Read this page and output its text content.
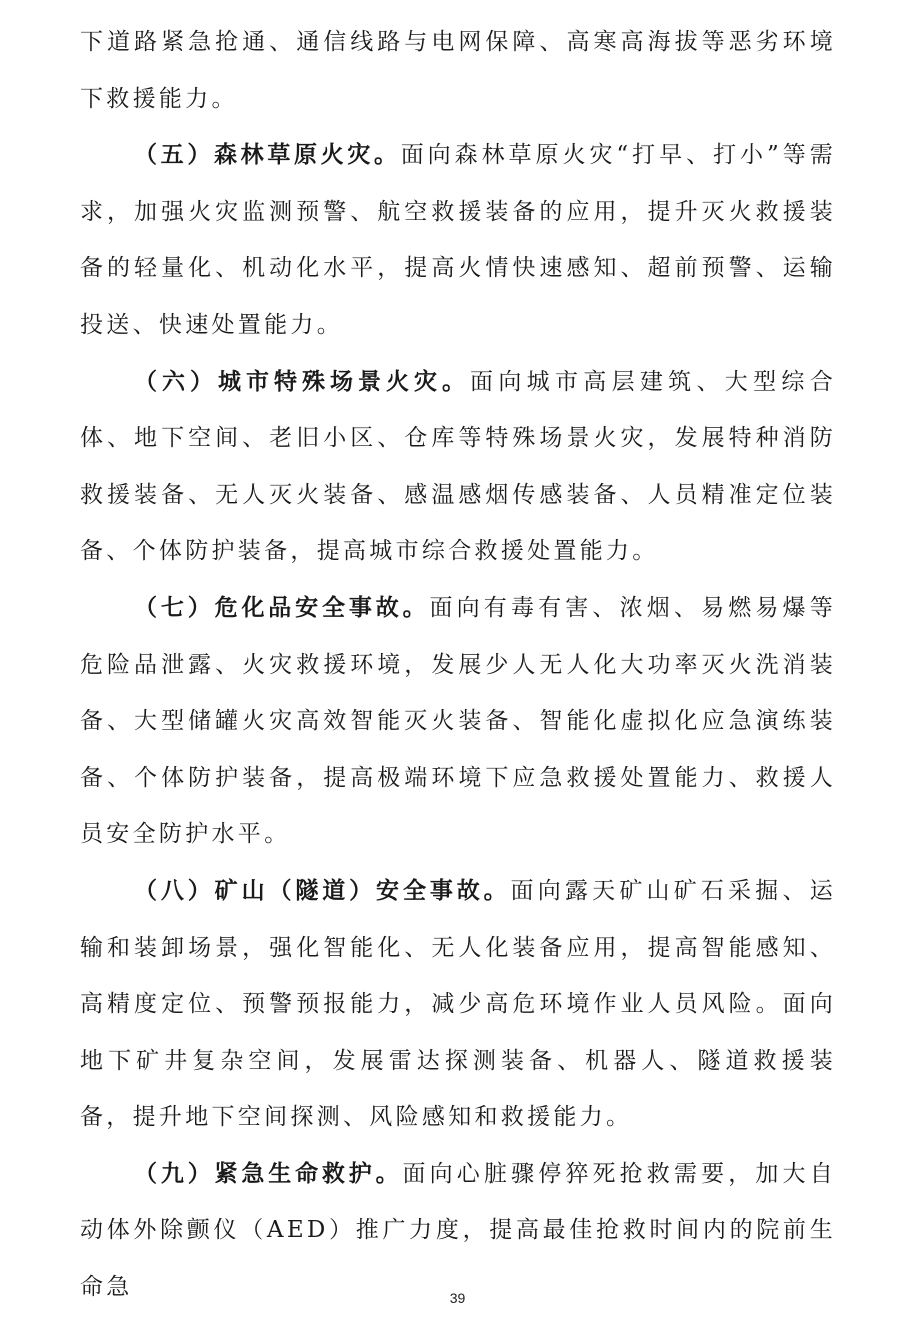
下道路紧急抢通、通信线路与电网保障、高寒高海拔等恶劣环境下救援能力。

（五）森林草原火灾。面向森林草原火灾“打早、打小”等需求，加强火灾监测预警、航空救援装备的应用，提升灭火救援装备的轻量化、机动化水平，提高火情快速感知、超前预警、运输投送、快速处置能力。

（六）城市特殊场景火灾。面向城市高层建筑、大型综合体、地下空间、老旧小区、仓库等特殊场景火灾，发展特种消防救援装备、无人灭火装备、感温感烟传感装备、人员精准定位装备、个体防护装备，提高城市综合救援处置能力。

（七）危化品安全事故。面向有毒有害、浓烟、易燃易爆等危险品泄露、火灾救援环境，发展少人无人化大功率灭火洗消装备、大型储罐火灾高效智能灭火装备、智能化虚拟化应急演练装备、个体防护装备，提高极端环境下应急救援处置能力、救援人员安全防护水平。

（八）矿山（隧道）安全事故。面向露天矿山矿石采掘、运输和装卸场景，强化智能化、无人化装备应用，提高智能感知、高精度定位、预警预报能力，减少高危环境作业人员风险。面向地下矿井复杂空间，发展雷达探测装备、机器人、隧道救援装备，提升地下空间探测、风险感知和救援能力。

（九）紧急生命救护。面向心脏骤停猝死抢救需要，加大自动体外除颤仪（AED）推广力度，提高最佳抢救时间内的院前生命急	39
